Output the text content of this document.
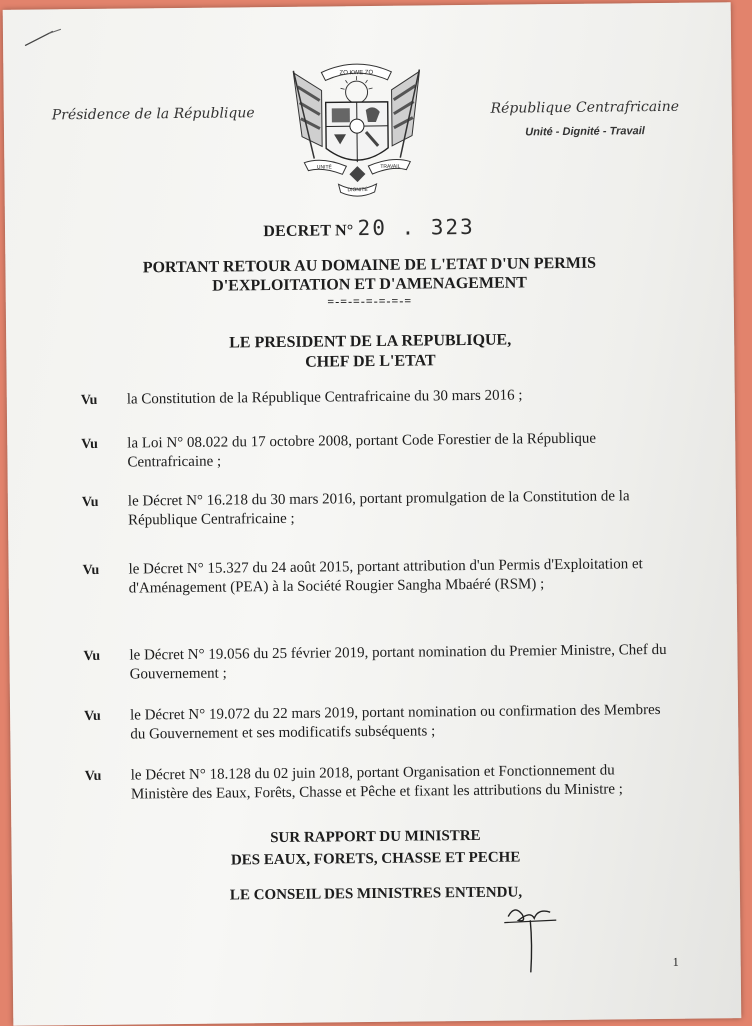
Présidence de la République
ZO KWE ZO
UNITÉ	TRAVAIL
DIGNITÉ
République Centrafricaine
Unité - Dignité - Travail
DECRET N° 20 . 323
PORTANT RETOUR AU DOMAINE DE L'ETAT D'UN PERMIS
D'EXPLOITATION ET D'AMENAGEMENT
=-=-=-=-=-=-=
LE PRESIDENT DE LA REPUBLIQUE,
CHEF DE L'ETAT
Vu la Constitution de la République Centrafricaine du 30 mars 2016 ;
Vu la Loi N° 08.022 du 17 octobre 2008, portant Code Forestier de la République Centrafricaine ;
Vu le Décret N° 16.218 du 30 mars 2016, portant promulgation de la Constitution de la République Centrafricaine ;
Vu le Décret N° 15.327 du 24 août 2015, portant attribution d'un Permis d'Exploitation et d'Aménagement (PEA) à la Société Rougier Sangha Mbaéré (RSM) ;
Vu le Décret N° 19.056 du 25 février 2019, portant nomination du Premier Ministre, Chef du Gouvernement ;
Vu le Décret N° 19.072 du 22 mars 2019, portant nomination ou confirmation des Membres du Gouvernement et ses modificatifs subséquents ;
Vu le Décret N° 18.128 du 02 juin 2018, portant Organisation et Fonctionnement du Ministère des Eaux, Forêts, Chasse et Pêche et fixant les attributions du Ministre ;
SUR RAPPORT DU MINISTRE
DES EAUX, FORETS, CHASSE ET PECHE
LE CONSEIL DES MINISTRES ENTENDU,
1
